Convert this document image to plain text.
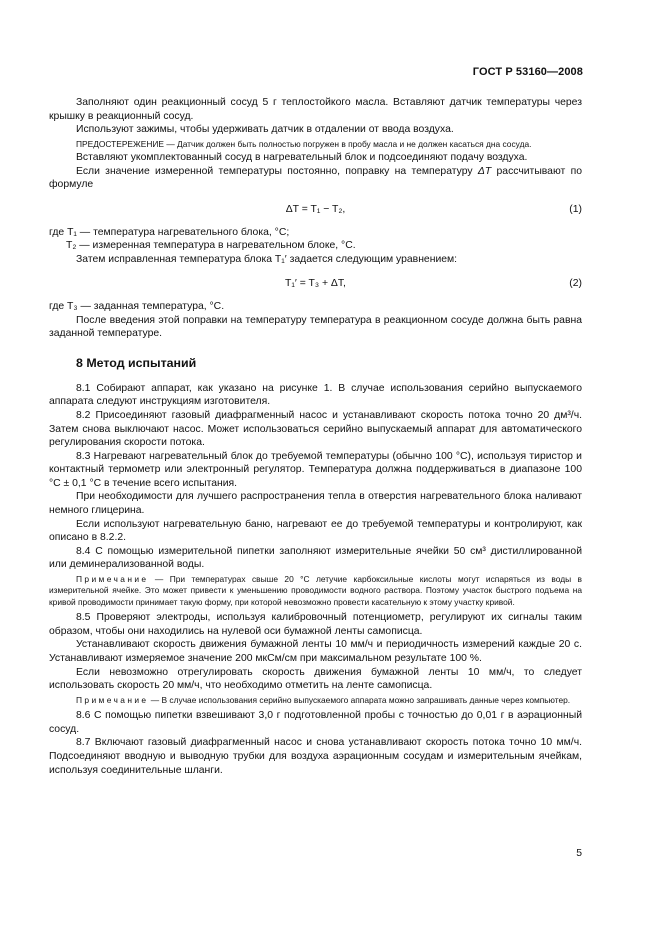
ГОСТ Р 53160—2008

Заполняют один реакционный сосуд 5 г теплостойкого масла. Вставляют датчик температуры через крышку в реакционный сосуд.

Используют зажимы, чтобы удерживать датчик в отдалении от ввода воздуха.

ПРЕДОСТЕРЕЖЕНИЕ — Датчик должен быть полностью погружен в пробу масла и не должен касаться дна сосуда.

Вставляют укомплектованный сосуд в нагревательный блок и подсоединяют подачу воздуха.

Если значение измеренной температуры постоянно, поправку на температуру ΔT рассчитывают по формуле

ΔT = T₁ − T₂,	(1)

где T₁ — температура нагревательного блока, °С;

T₂ — измеренная температура в нагревательном блоке, °С.

Затем исправленная температура блока T₁′ задается следующим уравнением:

T₁′ = T₃ + ΔT,	(2)

где T₃ — заданная температура, °С.

После введения этой поправки на температуру температура в реакционном сосуде должна быть равна заданной температуре.

8 Метод испытаний

8.1 Собирают аппарат, как указано на рисунке 1. В случае использования серийно выпускаемого аппарата следуют инструкциям изготовителя.

8.2 Присоединяют газовый диафрагменный насос и устанавливают скорость потока точно 20 дм³/ч. Затем снова выключают насос. Может использоваться серийно выпускаемый аппарат для автоматического регулирования скорости потока.

8.3 Нагревают нагревательный блок до требуемой температуры (обычно 100 °С), используя тиристор и контактный термометр или электронный регулятор. Температура должна поддерживаться в диапазоне 100 °С ± 0,1 °С в течение всего испытания.

При необходимости для лучшего распространения тепла в отверстия нагревательного блока наливают немного глицерина.

Если используют нагревательную баню, нагревают ее до требуемой температуры и контролируют, как описано в 8.2.2.

8.4 С помощью измерительной пипетки заполняют измерительные ячейки 50 см³ дистиллированной или деминерализованной воды.

Примечание — При температурах свыше 20 °С летучие карбоксильные кислоты могут испаряться из воды в измерительной ячейке. Это может привести к уменьшению проводимости водного раствора. Поэтому участок быстрого подъема на кривой проводимости принимает такую форму, при которой невозможно провести касательную к этому участку кривой.

8.5 Проверяют электроды, используя калибровочный потенциометр, регулируют их сигналы таким образом, чтобы они находились на нулевой оси бумажной ленты самописца.

Устанавливают скорость движения бумажной ленты 10 мм/ч и периодичность измерений каждые 20 с. Устанавливают измеряемое значение 200 мкСм/см при максимальном результате 100 %.

Если невозможно отрегулировать скорость движения бумажной ленты 10 мм/ч, то следует использовать скорость 20 мм/ч, что необходимо отметить на ленте самописца.

Примечание — В случае использования серийно выпускаемого аппарата можно запрашивать данные через компьютер.

8.6 С помощью пипетки взвешивают 3,0 г подготовленной пробы с точностью до 0,01 г в аэрационный сосуд.

8.7 Включают газовый диафрагменный насос и снова устанавливают скорость потока точно 10 мм/ч. Подсоединяют вводную и выводную трубки для воздуха аэрационным сосудам и измерительным ячейкам, используя соединительные шланги.

5
